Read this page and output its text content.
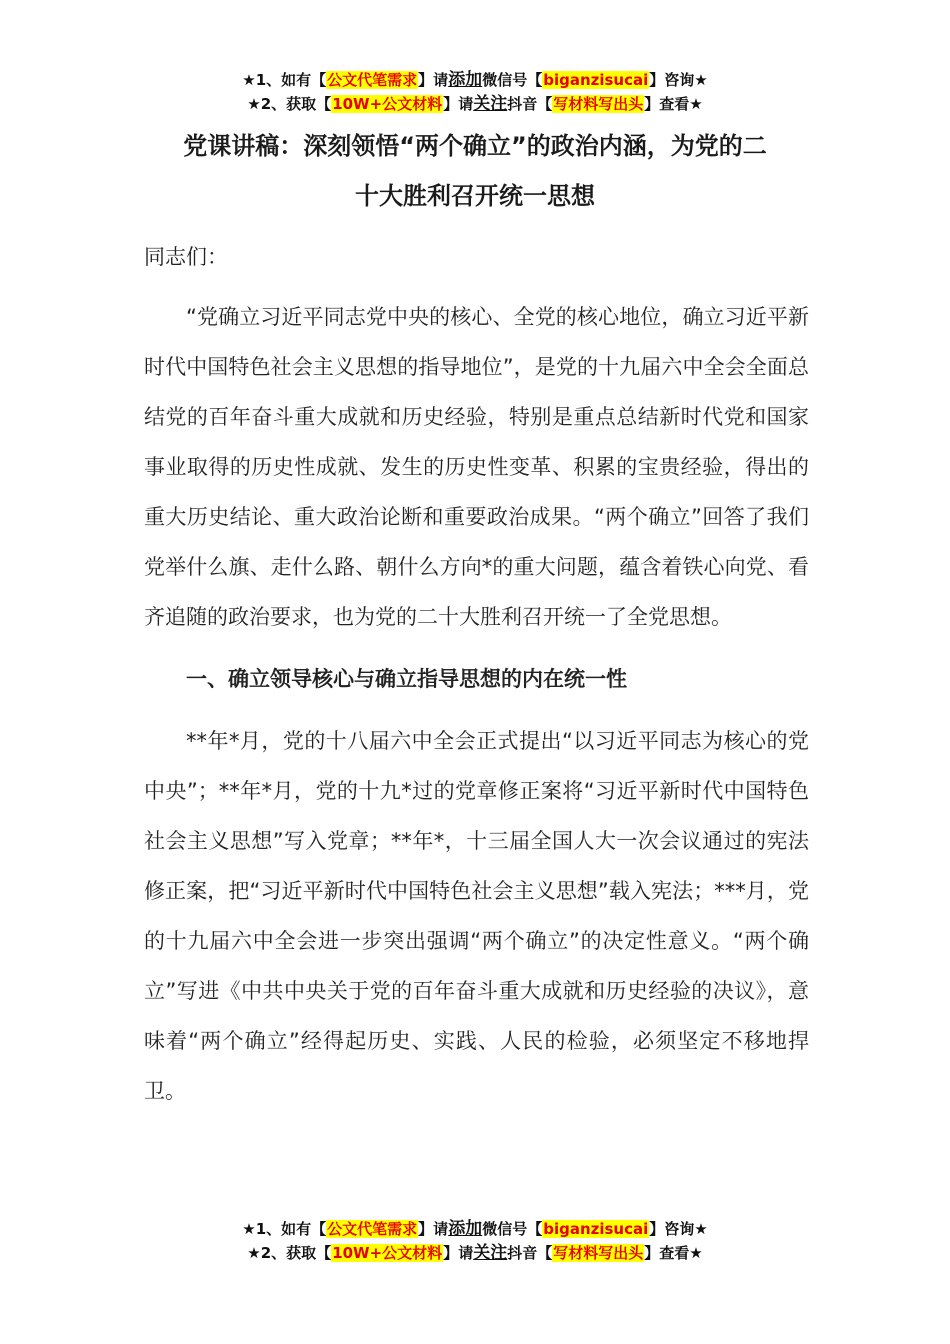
★1、如有【公文代笔需求】请添加微信号【biganzisucai】咨询★
★2、获取【10W+公文材料】请关注抖音【写材料写出头】查看★
党课讲稿：深刻领悟“两个确立”的政治内涵，为党的二
十大胜利召开统一思想

同志们：

“党确立习近平同志党中央的核心、全党的核心地位，确立习近平新时代中国特色社会主义思想的指导地位”，是党的十九届六中全会全面总结党的百年奋斗重大成就和历史经验，特别是重点总结新时代党和国家事业取得的历史性成就、发生的历史性变革、积累的宝贵经验，得出的重大历史结论、重大政治论断和重要政治成果。“两个确立”回答了我们党举什么旗、走什么路、朝什么方向*的重大问题，蕴含着铁心向党、看齐追随的政治要求，也为党的二十大胜利召开统一了全党思想。

一、确立领导核心与确立指导思想的内在统一性

**年*月，党的十八届六中全会正式提出“以习近平同志为核心的党中央”；**年*月，党的十九*过的党章修正案将“习近平新时代中国特色社会主义思想”写入党章；**年*，十三届全国人大一次会议通过的宪法修正案，把“习近平新时代中国特色社会主义思想”载入宪法；***月，党的十九届六中全会进一步突出强调“两个确立”的决定性意义。“两个确立”写进《中共中央关于党的百年奋斗重大成就和历史经验的决议》，意味着“两个确立”经得起历史、实践、人民的检验，必须坚定不移地捍卫。

★1、如有【公文代笔需求】请添加微信号【biganzisucai】咨询★
★2、获取【10W+公文材料】请关注抖音【写材料写出头】查看★
